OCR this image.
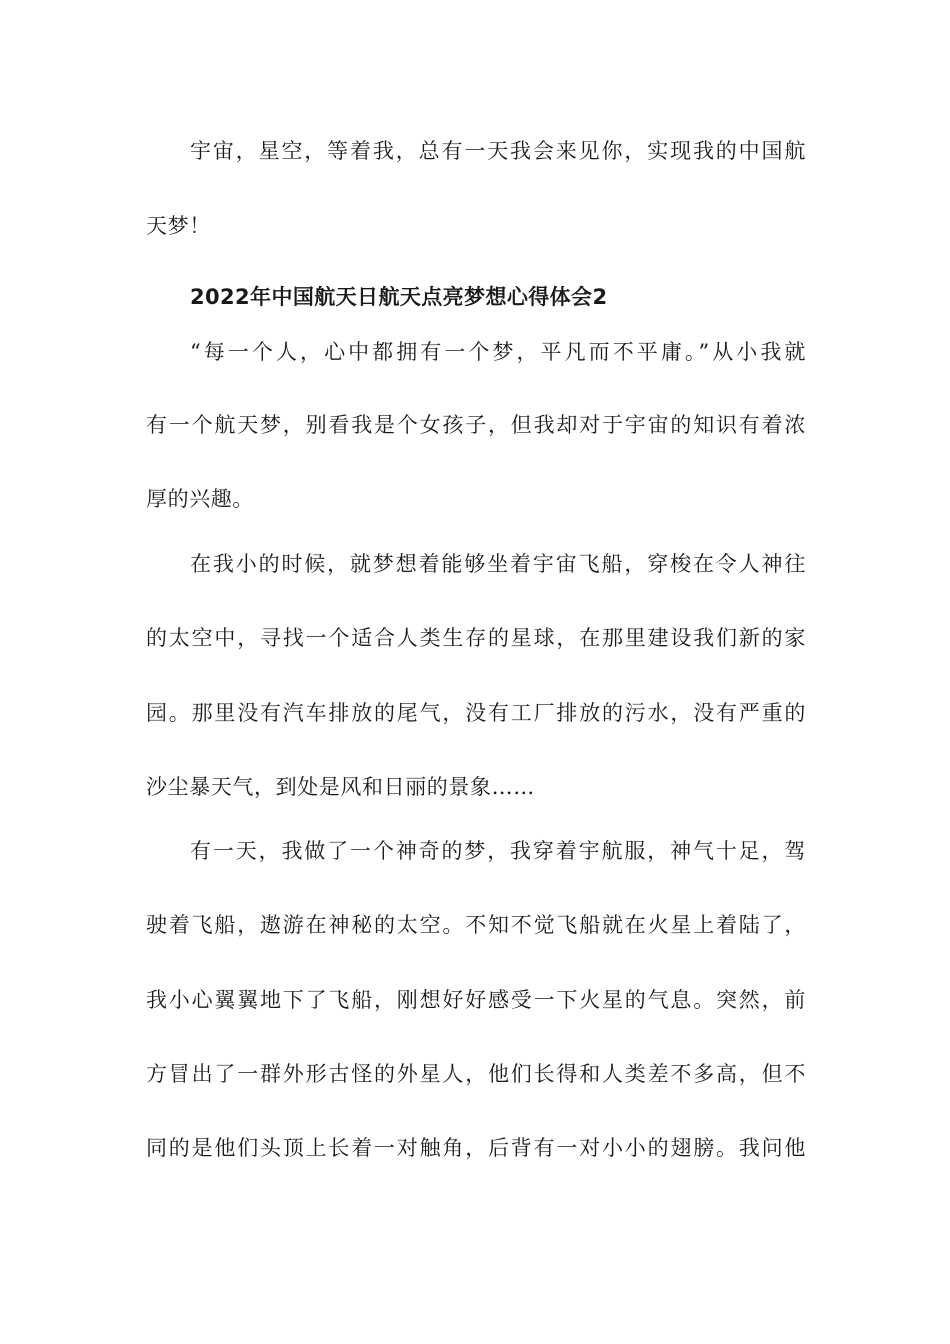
宇宙，星空，等着我，总有一天我会来见你，实现我的中国航
天梦！
2022年中国航天日航天点亮梦想心得体会2
“每一个人，心中都拥有一个梦，平凡而不平庸。”从小我就
有一个航天梦，别看我是个女孩子，但我却对于宇宙的知识有着浓
厚的兴趣。
在我小的时候，就梦想着能够坐着宇宙飞船，穿梭在令人神往
的太空中，寻找一个适合人类生存的星球，在那里建设我们新的家
园。那里没有汽车排放的尾气，没有工厂排放的污水，没有严重的
沙尘暴天气，到处是风和日丽的景象……
有一天，我做了一个神奇的梦，我穿着宇航服，神气十足，驾
驶着飞船，遨游在神秘的太空。不知不觉飞船就在火星上着陆了，
我小心翼翼地下了飞船，刚想好好感受一下火星的气息。突然，前
方冒出了一群外形古怪的外星人，他们长得和人类差不多高，但不
同的是他们头顶上长着一对触角，后背有一对小小的翅膀。我问他
